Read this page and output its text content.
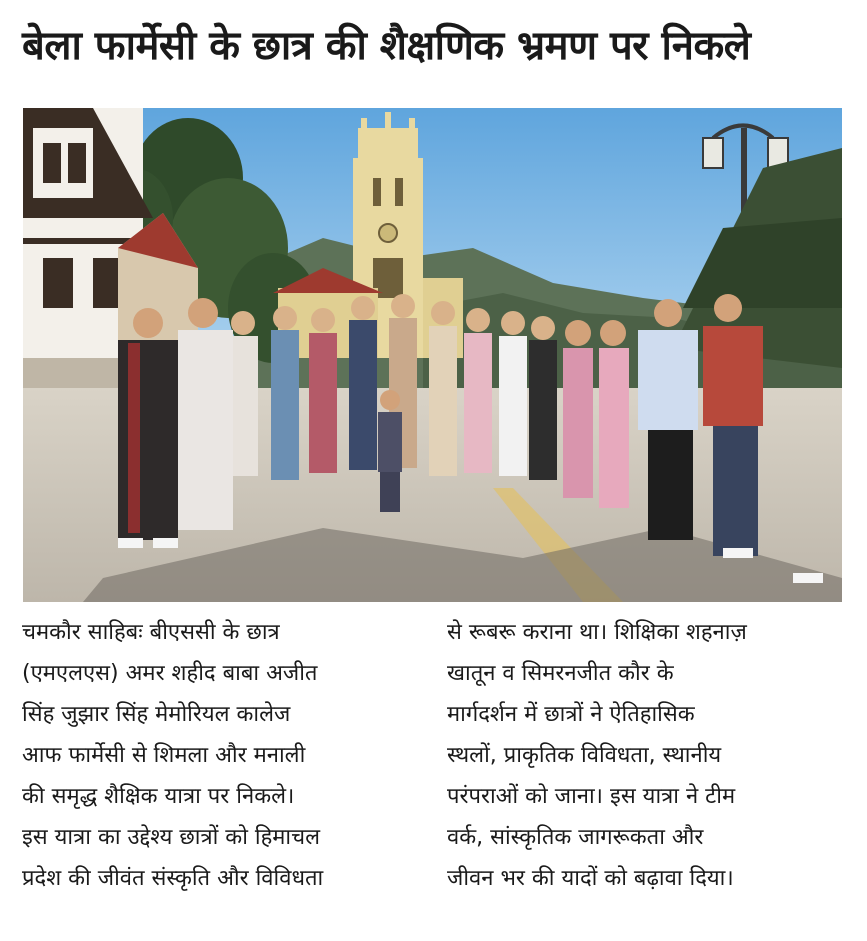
बेला फार्मेसी के छात्र की शैक्षणिक भ्रमण पर निकले

चमकौर साहिबः बीएससी के छात्र

(एमएलएस) अमर शहीद बाबा अजीत

सिंह जुझार सिंह मेमोरियल कालेज

आफ फार्मेसी से शिमला और मनाली

की समृद्ध शैक्षिक यात्रा पर निकले।

इस यात्रा का उद्देश्य छात्रों को हिमाचल

प्रदेश की जीवंत संस्कृति और विविधता

से रूबरू कराना था। शिक्षिका शहनाज़

खातून व सिमरनजीत कौर के

मार्गदर्शन में छात्रों ने ऐतिहासिक

स्थलों, प्राकृतिक विविधता, स्थानीय

परंपराओं को जाना। इस यात्रा ने टीम

वर्क, सांस्कृतिक जागरूकता और

जीवन भर की यादों को बढ़ावा दिया।
